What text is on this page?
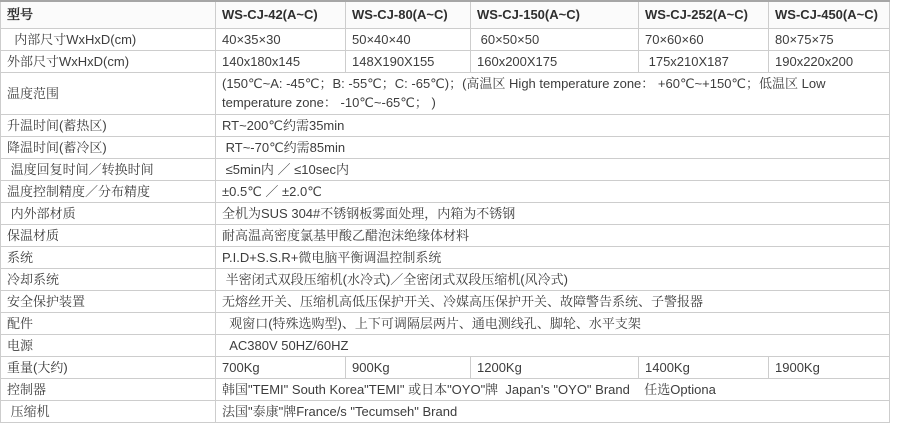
型号	WS-CJ-42(A~C)	WS-CJ-80(A~C)	WS-CJ-150(A~C)	WS-CJ-252(A~C)	WS-CJ-450(A~C)
内部尺寸WxHxD(cm)	40×35×30	50×40×40	60×50×50	70×60×60	80×75×75
外部尺寸WxHxD(cm)	140x180x145	148X190X155	160x200X175	175x210X187	190x220x200
温度范围	(150℃~A: -45℃；B: -55℃；C: -65℃)；(高温区 High temperature zone： +60℃~+150℃；低温区 Low temperature zone： -10℃~-65℃； )				
升温时间(蓄热区)	RT~200℃约需35min				
降温时间(蓄冷区)	RT~-70℃约需85min				
温度回复时间／转换时间	≤5min内 ／ ≤10sec内				
温度控制精度／分布精度	±0.5℃ ／ ±2.0℃				
内外部材质	全机为SUS 304#不锈钢板雾面处理，内箱为不锈钢				
保温材质	耐高温高密度氯基甲酸乙醋泡沫绝缘体材料				
系统	P.I.D+S.S.R+微电脑平衡调温控制系统				
冷却系统	半密闭式双段压缩机(水冷式)／全密闭式双段压缩机(风冷式)				
安全保护装置	无熔丝开关、压缩机高低压保护开关、冷媒高压保护开关、故障警告系统、子警报器				
配件	观窗口(特殊选购型)、上下可调隔层两片、通电测线孔、脚轮、水平支架				
电源	AC380V 50HZ/60HZ				
重量(大约)	700Kg	900Kg	1200Kg	1400Kg	1900Kg
控制器	韩国"TEMI" South Korea"TEMI" 或日本"OYO"牌  Japan's "OYO" Brand    任选Optiona				
压缩机	法国"泰康"牌France/s "Tecumseh" Brand				
